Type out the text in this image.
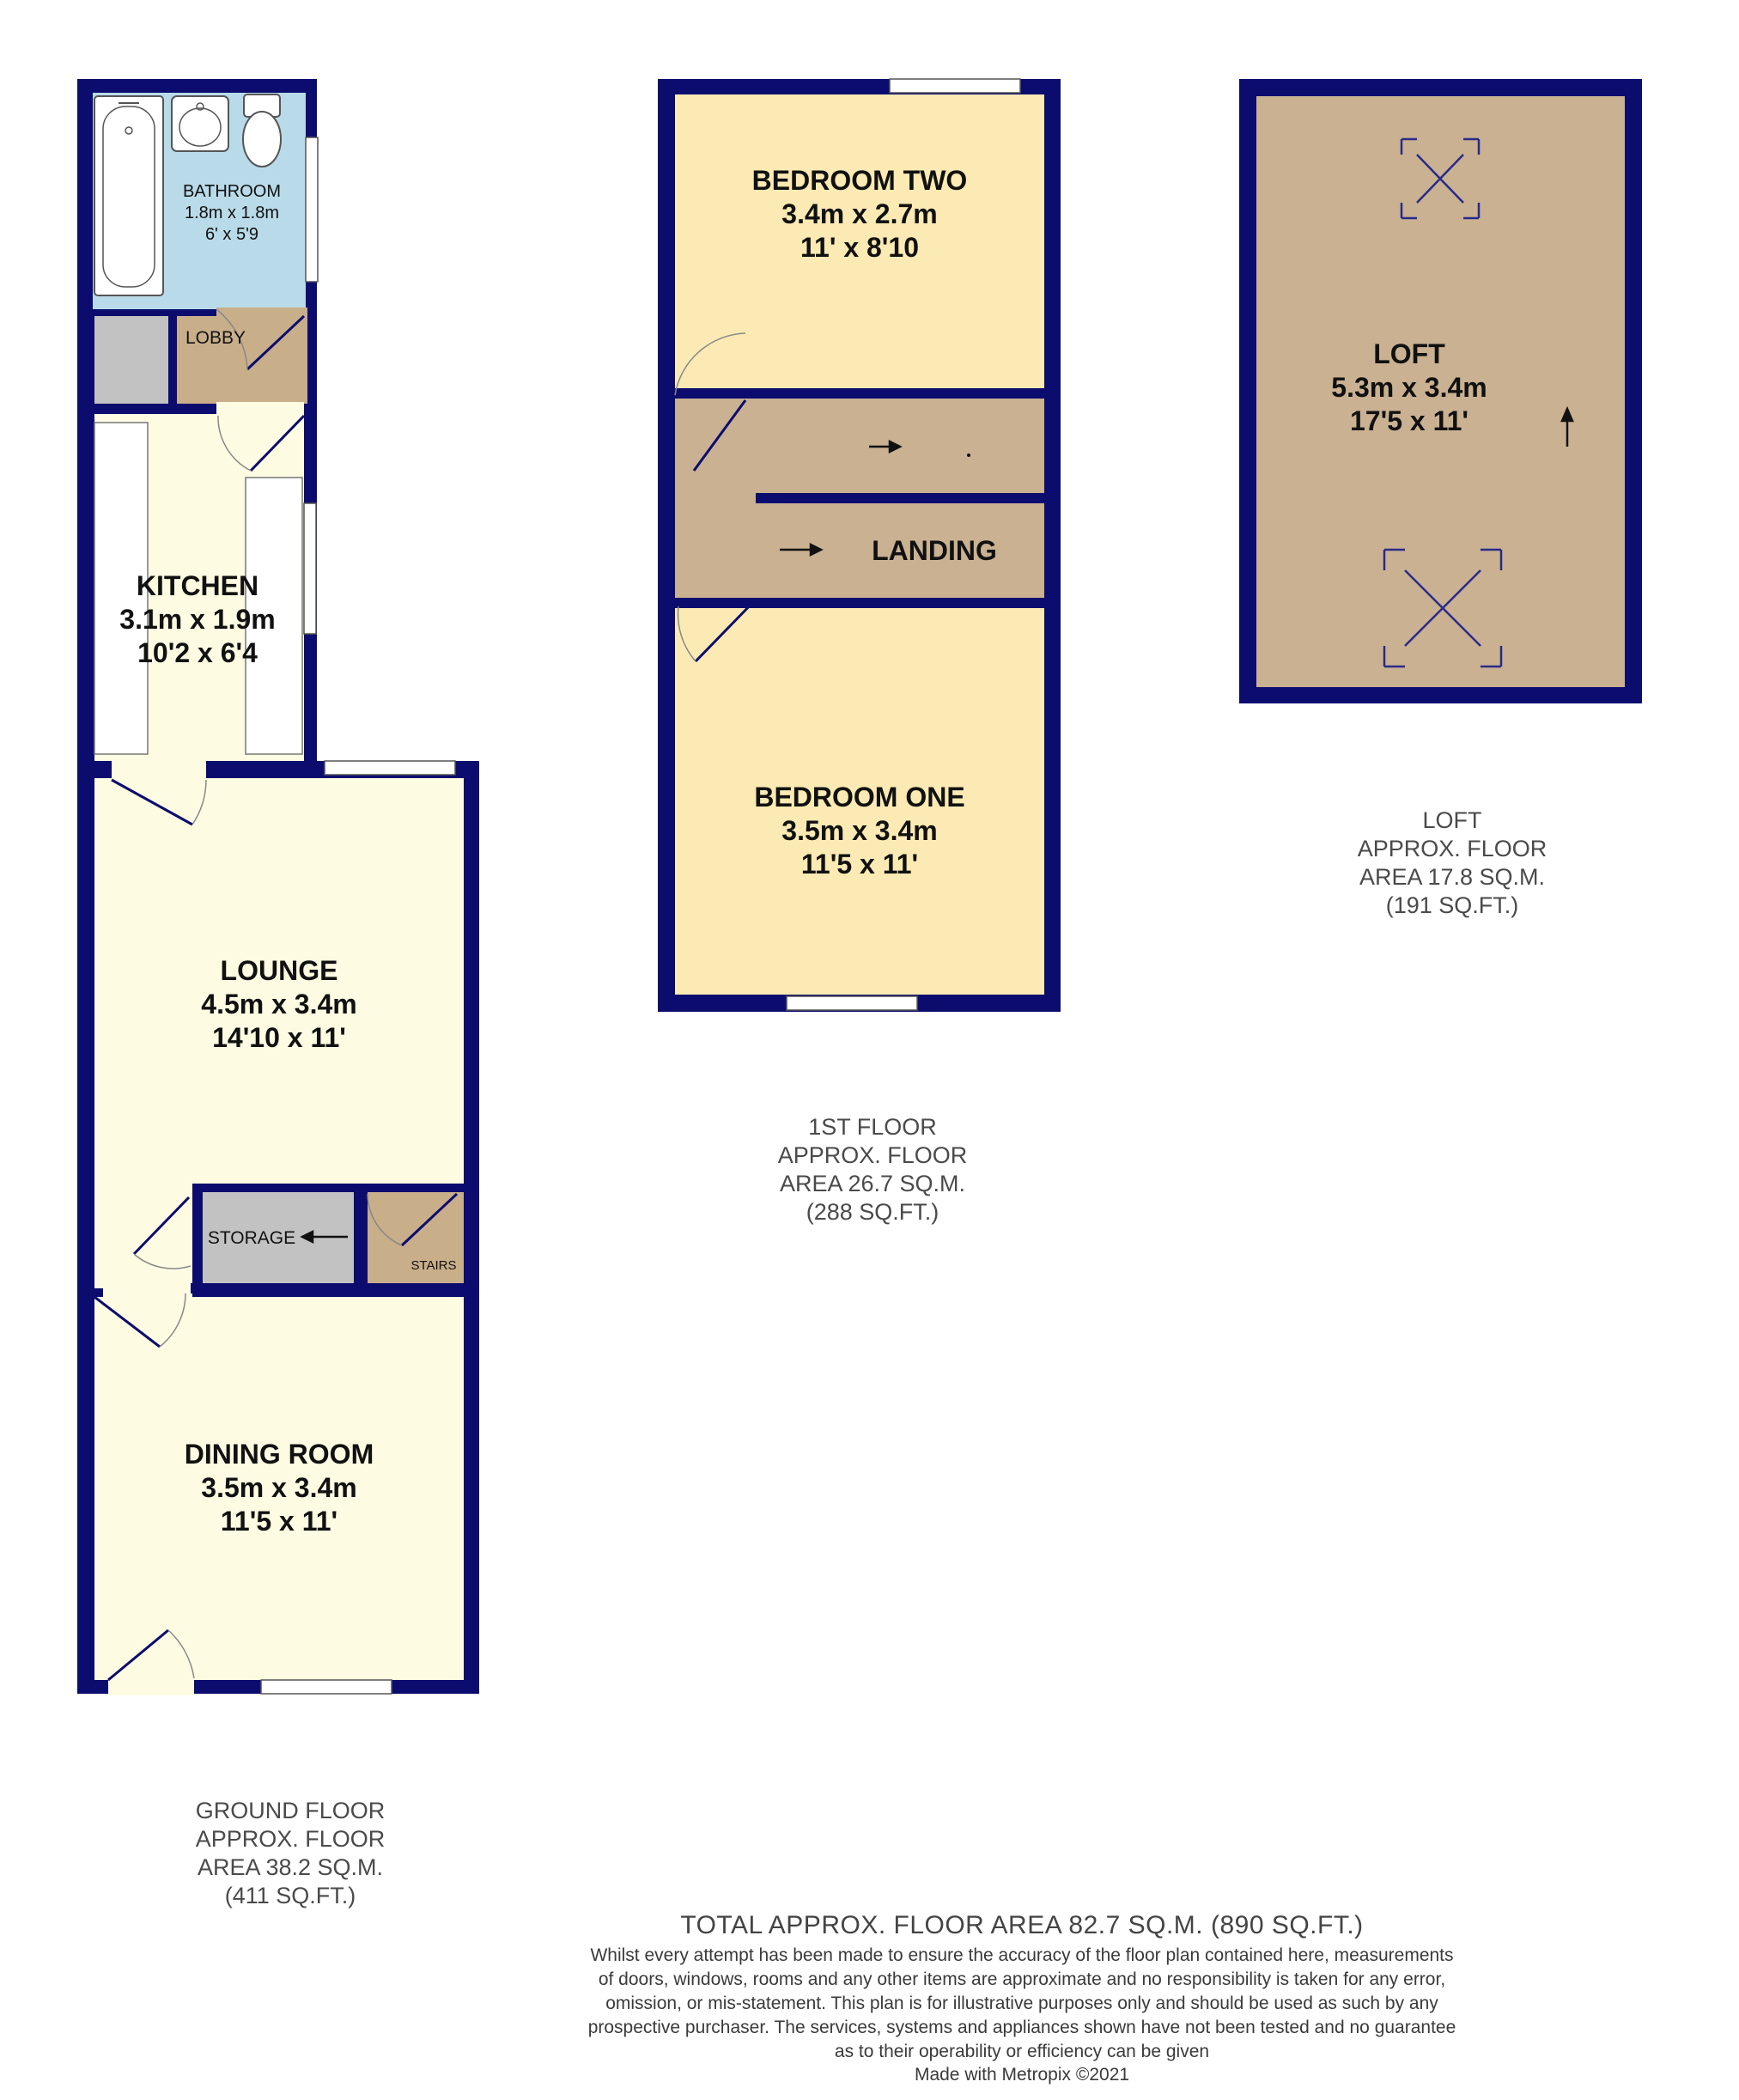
BATHROOM
1.8m x 1.8m
6' x 5'9
LOBBY
KITCHEN
3.1m x 1.9m
10'2 x 6'4
LOUNGE
4.5m x 3.4m
14'10 x 11'
STORAGE
STAIRS
DINING ROOM
3.5m x 3.4m
11'5 x 11'
GROUND FLOOR
APPROX. FLOOR
AREA 38.2 SQ.M.
(411 SQ.FT.)
BEDROOM TWO
3.4m x 2.7m
11' x 8'10
LANDING
BEDROOM ONE
3.5m x 3.4m
11'5 x 11'
1ST FLOOR
APPROX. FLOOR
AREA 26.7 SQ.M.
(288 SQ.FT.)
LOFT
5.3m x 3.4m
17'5 x 11'
LOFT
APPROX. FLOOR
AREA 17.8 SQ.M.
(191 SQ.FT.)
TOTAL APPROX. FLOOR AREA 82.7 SQ.M. (890 SQ.FT.)
Whilst every attempt has been made to ensure the accuracy of the floor plan contained here, measurements
of doors, windows, rooms and any other items are approximate and no responsibility is taken for any error,
omission, or mis-statement. This plan is for illustrative purposes only and should be used as such by any
prospective purchaser. The services, systems and appliances shown have not been tested and no guarantee
as to their operability or efficiency can be given
Made with Metropix ©2021
